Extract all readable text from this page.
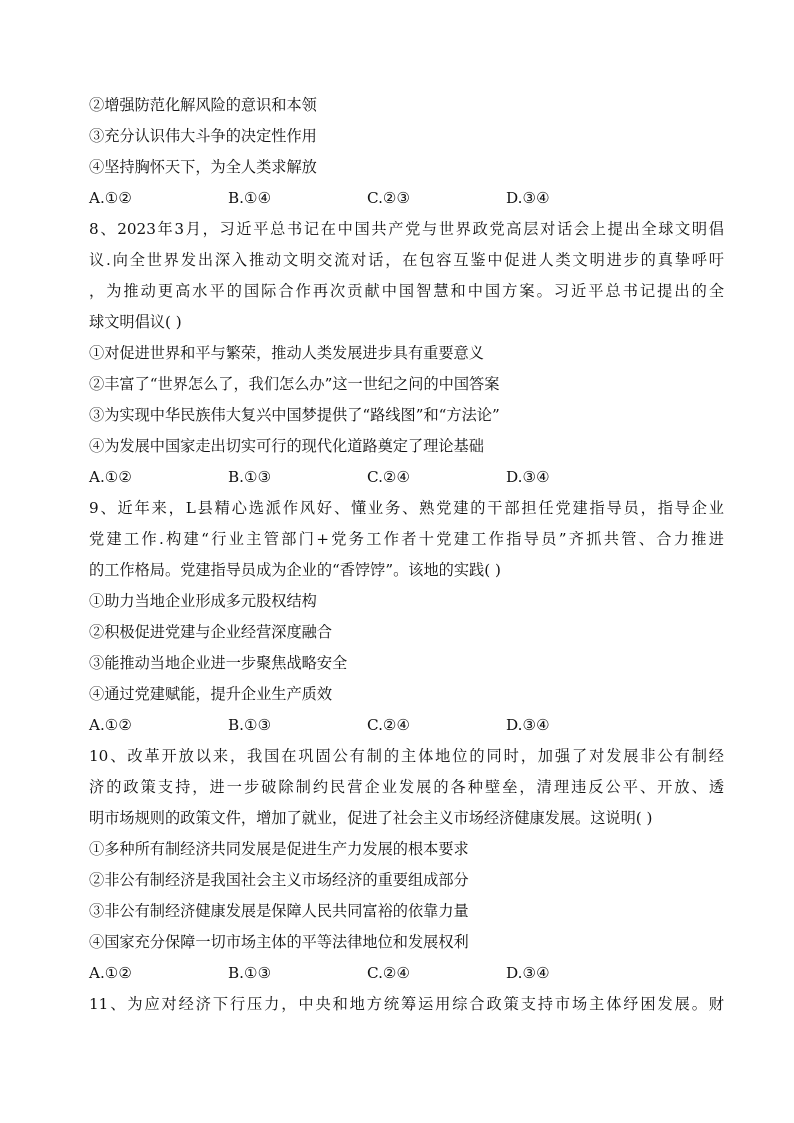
②增强防范化解风险的意识和本领
③充分认识伟大斗争的决定性作用
④坚持胸怀天下，为全人类求解放
A.①②	B.①④	C.②③	D.③④
8、2023年3月，习近平总书记在中国共产党与世界政党高层对话会上提出全球文明倡
议.向全世界发出深入推动文明交流对话，在包容互鉴中促进人类文明进步的真挚呼吁
，为推动更高水平的国际合作再次贡献中国智慧和中国方案。习近平总书记提出的全
球文明倡议( )
①对促进世界和平与繁荣，推动人类发展进步具有重要意义
②丰富了“世界怎么了，我们怎么办”这一世纪之问的中国答案
③为实现中华民族伟大复兴中国梦提供了“路线图”和“方法论”
④为发展中国家走出切实可行的现代化道路奠定了理论基础
A.①②	B.①③	C.②④	D.③④
9、近年来，L县精心选派作风好、懂业务、熟党建的干部担任党建指导员，指导企业
党建工作.构建“行业主管部门+党务工作者十党建工作指导员”齐抓共管、合力推进
的工作格局。党建指导员成为企业的“香饽饽”。该地的实践( )
①助力当地企业形成多元股权结构
②积极促进党建与企业经营深度融合
③能推动当地企业进一步聚焦战略安全
④通过党建赋能，提升企业生产质效
A.①②	B.①③	C.②④	D.③④
10、改革开放以来，我国在巩固公有制的主体地位的同时，加强了对发展非公有制经
济的政策支持，进一步破除制约民营企业发展的各种壁垒，清理违反公平、开放、透
明市场规则的政策文件，增加了就业，促进了社会主义市场经济健康发展。这说明( )
①多种所有制经济共同发展是促进生产力发展的根本要求
②非公有制经济是我国社会主义市场经济的重要组成部分
③非公有制经济健康发展是保障人民共同富裕的依靠力量
④国家充分保障一切市场主体的平等法律地位和发展权利
A.①②	B.①③	C.②④	D.③④
11、为应对经济下行压力，中央和地方统筹运用综合政策支持市场主体纾困发展。财
